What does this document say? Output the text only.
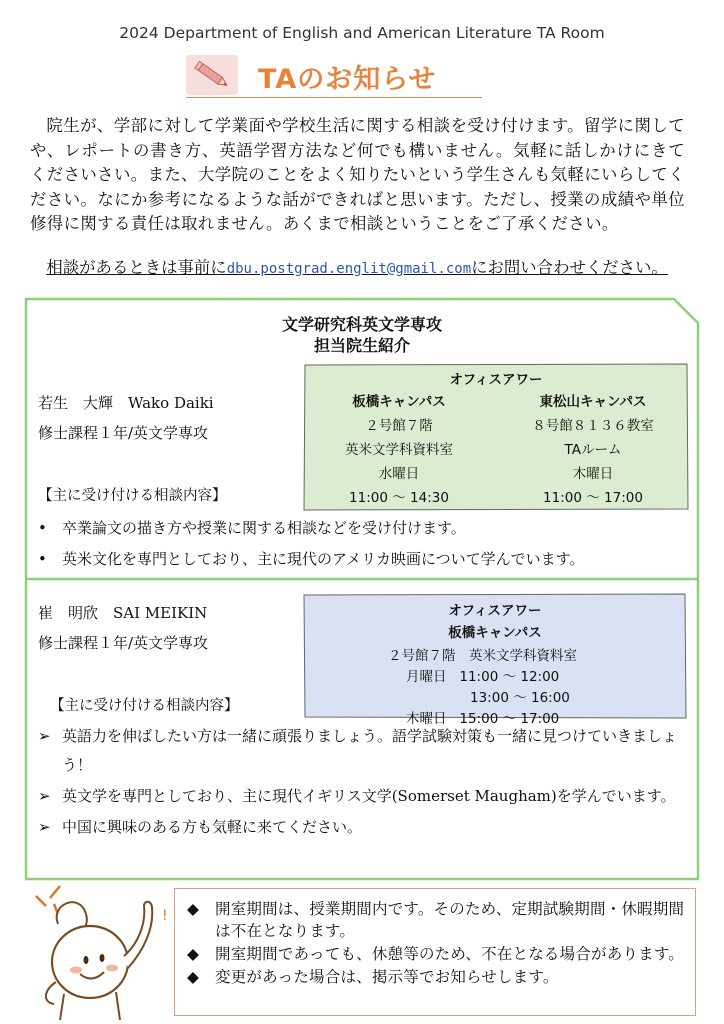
2024 Department of English and American Literature TA Room
TAのお知らせ

院生が、学部に対して学業面や学校生活に関する相談を受け付けます。留学に関してや、レポートの書き方、英語学習方法など何でも構いません。気軽に話しかけにきてくださいさい。また、大学院のことをよく知りたいという学生さんも気軽にいらしてください。なにか参考になるような話ができればと思います。ただし、授業の成績や単位修得に関する責任は取れません。あくまで相談ということをご了承ください。

相談があるときは事前にdbu.postgrad.englit@gmail.comにお問い合わせください。
文学研究科英文学専攻
担当院生紹介
若生　大輝　Wako Daiki
修士課程１年/英文学専攻
オフィスアワー
板橋キャンパス
２号館７階
英米文学科資料室
水曜日
11:00 ～ 14:30
東松山キャンパス
８号館８１３６教室
TAルーム
木曜日
11:00 ～ 17:00
【主に受け付ける相談内容】
• 卒業論文の描き方や授業に関する相談などを受け付けます。
• 英米文化を専門としており、主に現代のアメリカ映画について学んでいます。
崔　明欣　SAI MEIKIN
修士課程１年/英文学専攻
オフィスアワー
板橋キャンパス
２号館７階　英米文学科資料室
月曜日 11:00 ～ 12:00
13:00 ～ 16:00
木曜日 15:00 ～ 17:00
【主に受け付ける相談内容】
➢ 英語力を伸ばしたい方は一緒に頑張りましょう。語学試験対策も一緒に見つけていきましょう！
➢ 英文学を専門としており、主に現代イギリス文学(Somerset Maugham)を学んでいます。
➢ 中国に興味のある方も気軽に来てください。
! ◆ 開室期間は、授業期間内です。そのため、定期試験期間・休暇期間は不在となります。
◆ 開室期間であっても、休憩等のため、不在となる場合があります。
◆ 変更があった場合は、掲示等でお知らせします。
